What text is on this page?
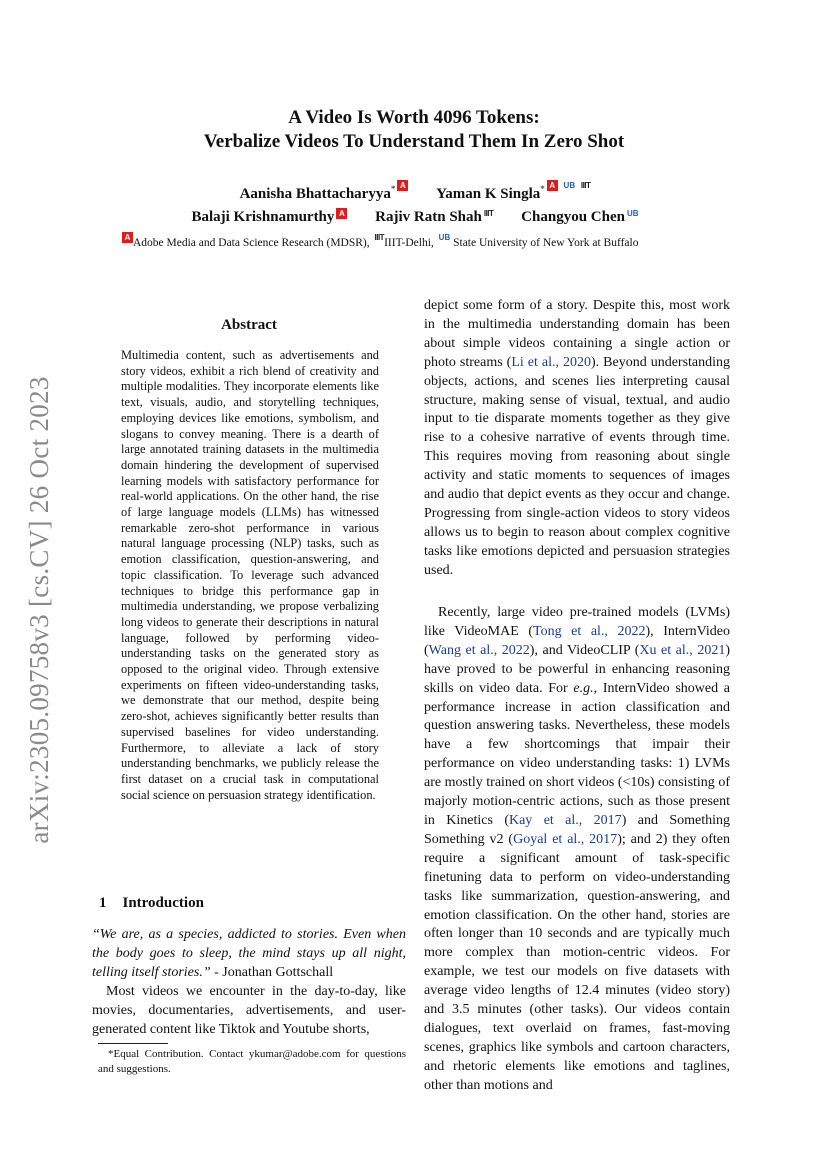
arXiv:2305.09758v3 [cs.CV] 26 Oct 2023
A Video Is Worth 4096 Tokens:
Verbalize Videos To Understand Them In Zero Shot
Aanisha Bhattacharyya* A Yaman K Singla* A UB IIIT
Balaji Krishnamurthy A Rajiv Ratn Shah IIIT Changyou Chen UB
A Adobe Media and Data Science Research (MDSR), IIITIIIT-Delhi, UB State University of New York at Buffalo
Abstract
Multimedia content, such as advertisements and story videos, exhibit a rich blend of creativity and multiple modalities. They incorporate elements like text, visuals, audio, and storytelling techniques, employing devices like emotions, symbolism, and slogans to convey meaning. There is a dearth of large annotated training datasets in the multimedia domain hindering the development of supervised learning models with satisfactory performance for real-world applications. On the other hand, the rise of large language models (LLMs) has witnessed remarkable zero-shot performance in various natural language processing (NLP) tasks, such as emotion classification, question-answering, and topic classification. To leverage such advanced techniques to bridge this performance gap in multimedia understanding, we propose verbalizing long videos to generate their descriptions in natural language, followed by performing video-understanding tasks on the generated story as opposed to the original video. Through extensive experiments on fifteen video-understanding tasks, we demonstrate that our method, despite being zero-shot, achieves significantly better results than supervised baselines for video understanding. Furthermore, to alleviate a lack of story understanding benchmarks, we publicly release the first dataset on a crucial task in computational social science on persuasion strategy identification.
1 Introduction
“We are, as a species, addicted to stories. Even when the body goes to sleep, the mind stays up all night, telling itself stories.” - Jonathan Gottschall
Most videos we encounter in the day-to-day, like movies, documentaries, advertisements, and user-generated content like Tiktok and Youtube shorts,
*Equal Contribution. Contact ykumar@adobe.com for questions and suggestions.
depict some form of a story. Despite this, most work in the multimedia understanding domain has been about simple videos containing a single action or photo streams (Li et al., 2020). Beyond understanding objects, actions, and scenes lies interpreting causal structure, making sense of visual, textual, and audio input to tie disparate moments together as they give rise to a cohesive narrative of events through time. This requires moving from reasoning about single activity and static moments to sequences of images and audio that depict events as they occur and change. Progressing from single-action videos to story videos allows us to begin to reason about complex cognitive tasks like emotions depicted and persuasion strategies used.
Recently, large video pre-trained models (LVMs) like VideoMAE (Tong et al., 2022), InternVideo (Wang et al., 2022), and VideoCLIP (Xu et al., 2021) have proved to be powerful in enhancing reasoning skills on video data. For e.g., InternVideo showed a performance increase in action classification and question answering tasks. Nevertheless, these models have a few shortcomings that impair their performance on video understanding tasks: 1) LVMs are mostly trained on short videos (<10s) consisting of majorly motion-centric actions, such as those present in Kinetics (Kay et al., 2017) and Something Something v2 (Goyal et al., 2017); and 2) they often require a significant amount of task-specific finetuning data to perform on video-understanding tasks like summarization, question-answering, and emotion classification. On the other hand, stories are often longer than 10 seconds and are typically much more complex than motion-centric videos. For example, we test our models on five datasets with average video lengths of 12.4 minutes (video story) and 3.5 minutes (other tasks). Our videos contain dialogues, text overlaid on frames, fast-moving scenes, graphics like symbols and cartoon characters, and rhetoric elements like emotions and taglines, other than motions and
